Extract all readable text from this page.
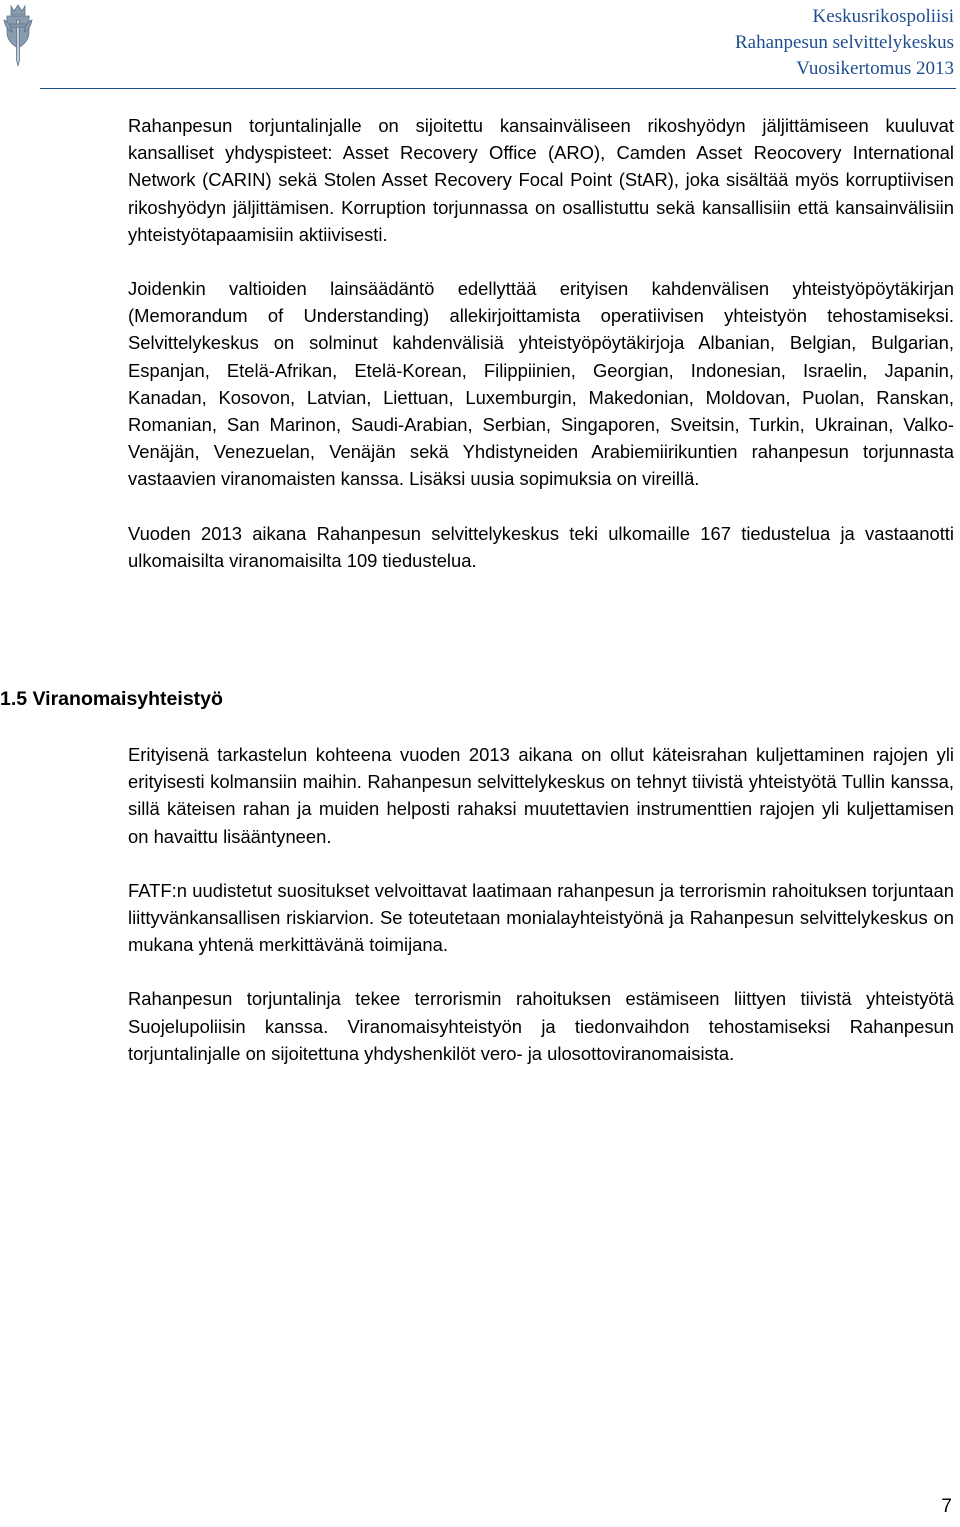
Keskusrikospoliisi
Rahanpesun selvittelykeskus
Vuosikertomus 2013

Rahanpesun torjuntalinjalle on sijoitettu kansainväliseen rikoshyödyn jäljittämiseen kuuluvat kansalliset yhdyspisteet: Asset Recovery Office (ARO), Camden Asset Reocovery International Network (CARIN) sekä Stolen Asset Recovery Focal Point (StAR), joka sisältää myös korruptiivisen rikoshyödyn jäljittämisen. Korruption torjunnassa on osallistuttu sekä kansallisiin että kansainvälisiin yhteistyötapaamisiin aktiivisesti.

Joidenkin valtioiden lainsäädäntö edellyttää erityisen kahdenvälisen yhteistyöpöytäkirjan (Memorandum of Understanding) allekirjoittamista operatiivisen yhteistyön tehostamiseksi. Selvittelykeskus on solminut kahdenvälisiä yhteistyöpöytäkirjoja Albanian, Belgian, Bulgarian, Espanjan, Etelä-Afrikan, Etelä-Korean, Filippiinien, Georgian, Indonesian, Israelin, Japanin, Kanadan, Kosovon, Latvian, Liettuan, Luxemburgin, Makedonian, Moldovan, Puolan, Ranskan, Romanian, San Marinon, Saudi-Arabian, Serbian, Singaporen, Sveitsin, Turkin, Ukrainan, Valko-Venäjän, Venezuelan, Venäjän sekä Yhdistyneiden Arabiemiirikuntien rahanpesun torjunnasta vastaavien viranomaisten kanssa. Lisäksi uusia sopimuksia on vireillä.

Vuoden 2013 aikana Rahanpesun selvittelykeskus teki ulkomaille 167 tiedustelua ja vastaanotti ulkomaisilta viranomaisilta 109 tiedustelua.

1.5 Viranomaisyhteistyö

Erityisenä tarkastelun kohteena vuoden 2013 aikana on ollut käteisrahan kuljettaminen rajojen yli erityisesti kolmansiin maihin. Rahanpesun selvittelykeskus on tehnyt tiivistä yhteistyötä Tullin kanssa, sillä käteisen rahan ja muiden helposti rahaksi muutettavien instrumenttien rajojen yli kuljettamisen on havaittu lisääntyneen.

FATF:n uudistetut suositukset velvoittavat laatimaan rahanpesun ja terrorismin rahoituksen torjuntaan liittyvänkansallisen riskiarvion. Se toteutetaan monialayhteistyönä ja Rahanpesun selvittelykeskus on mukana yhtenä merkittävänä toimijana.

Rahanpesun torjuntalinja tekee terrorismin rahoituksen estämiseen liittyen tiivistä yhteistyötä Suojelupoliisin kanssa. Viranomaisyhteistyön ja tiedonvaihdon tehostamiseksi Rahanpesun torjuntalinjalle on sijoitettuna yhdyshenkilöt vero- ja ulosottoviranomaisista.

7
